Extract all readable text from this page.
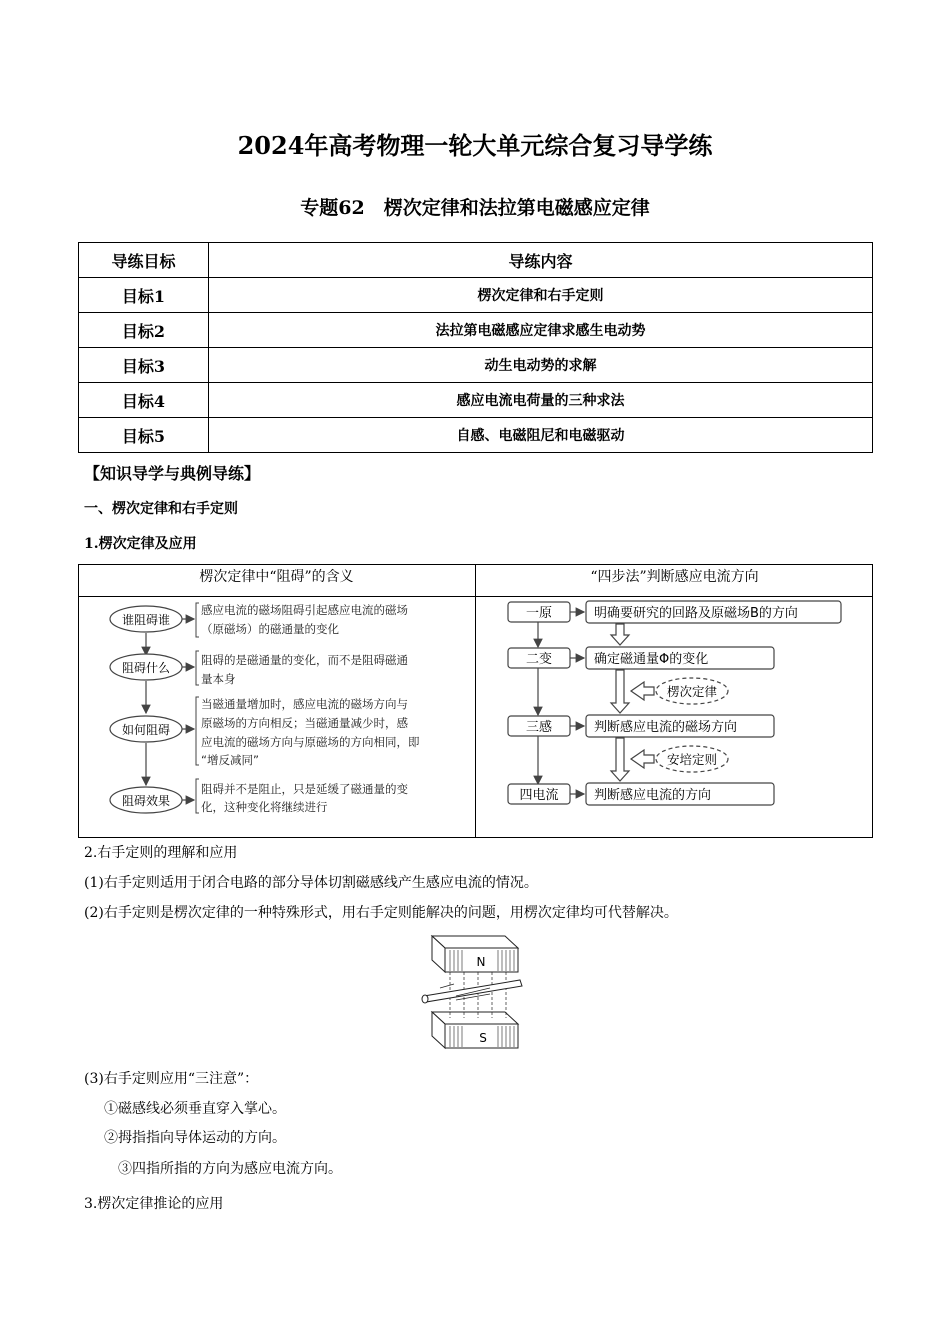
2024年高考物理一轮大单元综合复习导学练
专题62　楞次定律和法拉第电磁感应定律
导练目标	导练内容
目标1	楞次定律和右手定则
目标2	法拉第电磁感应定律求感生电动势
目标3	动生电动势的求解
目标4	感应电流电荷量的三种求法
目标5	自感、电磁阻尼和电磁驱动
【知识导学与典例导练】
一、楞次定律和右手定则
1.楞次定律及应用
楞次定律中“阻碍”的含义	“四步法”判断感应电流方向
谁阻碍谁
阻碍什么
如何阻碍
阻碍效果
感应电流的磁场阻碍引起感应电流的磁场
（原磁场）的磁通量的变化
阻碍的是磁通量的变化，而不是阻碍磁通
量本身
当磁通量增加时，感应电流的磁场方向与
原磁场的方向相反；当磁通量减少时，感
应电流的磁场方向与原磁场的方向相同，即
“增反减同”
阻碍并不是阻止，只是延缓了磁通量的变
化，这种变化将继续进行
一原
二变
三感
四电流
明确要研究的回路及原磁场B的方向
确定磁通量Φ的变化
判断感应电流的磁场方向
判断感应电流的方向
楞次定律
安培定则
2.右手定则的理解和应用
(1)右手定则适用于闭合电路的部分导体切割磁感线产生感应电流的情况。
(2)右手定则是楞次定律的一种特殊形式，用右手定则能解决的问题，用楞次定律均可代替解决。
N
S
(3)右手定则应用“三注意”：
①磁感线必须垂直穿入掌心。
②拇指指向导体运动的方向。
③四指所指的方向为感应电流方向。
3.楞次定律推论的应用
